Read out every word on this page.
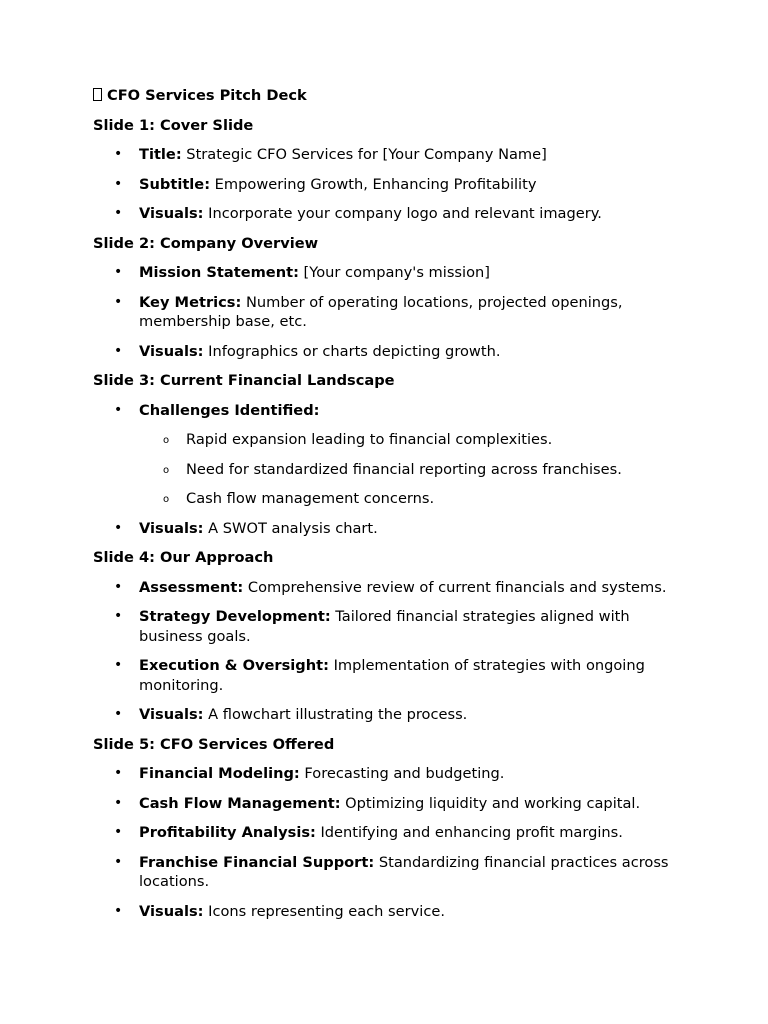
CFO Services Pitch Deck

Slide 1: Cover Slide

• Title: Strategic CFO Services for [Your Company Name]
• Subtitle: Empowering Growth, Enhancing Profitability
• Visuals: Incorporate your company logo and relevant imagery.

Slide 2: Company Overview

• Mission Statement: [Your company's mission]
• Key Metrics: Number of operating locations, projected openings, membership base, etc.
• Visuals: Infographics or charts depicting growth.

Slide 3: Current Financial Landscape

• Challenges Identified:
o Rapid expansion leading to financial complexities.
o Need for standardized financial reporting across franchises.
o Cash flow management concerns.
• Visuals: A SWOT analysis chart.

Slide 4: Our Approach

• Assessment: Comprehensive review of current financials and systems.
• Strategy Development: Tailored financial strategies aligned with business goals.
• Execution & Oversight: Implementation of strategies with ongoing monitoring.
• Visuals: A flowchart illustrating the process.

Slide 5: CFO Services Offered

• Financial Modeling: Forecasting and budgeting.
• Cash Flow Management: Optimizing liquidity and working capital.
• Profitability Analysis: Identifying and enhancing profit margins.
• Franchise Financial Support: Standardizing financial practices across locations.
• Visuals: Icons representing each service.
